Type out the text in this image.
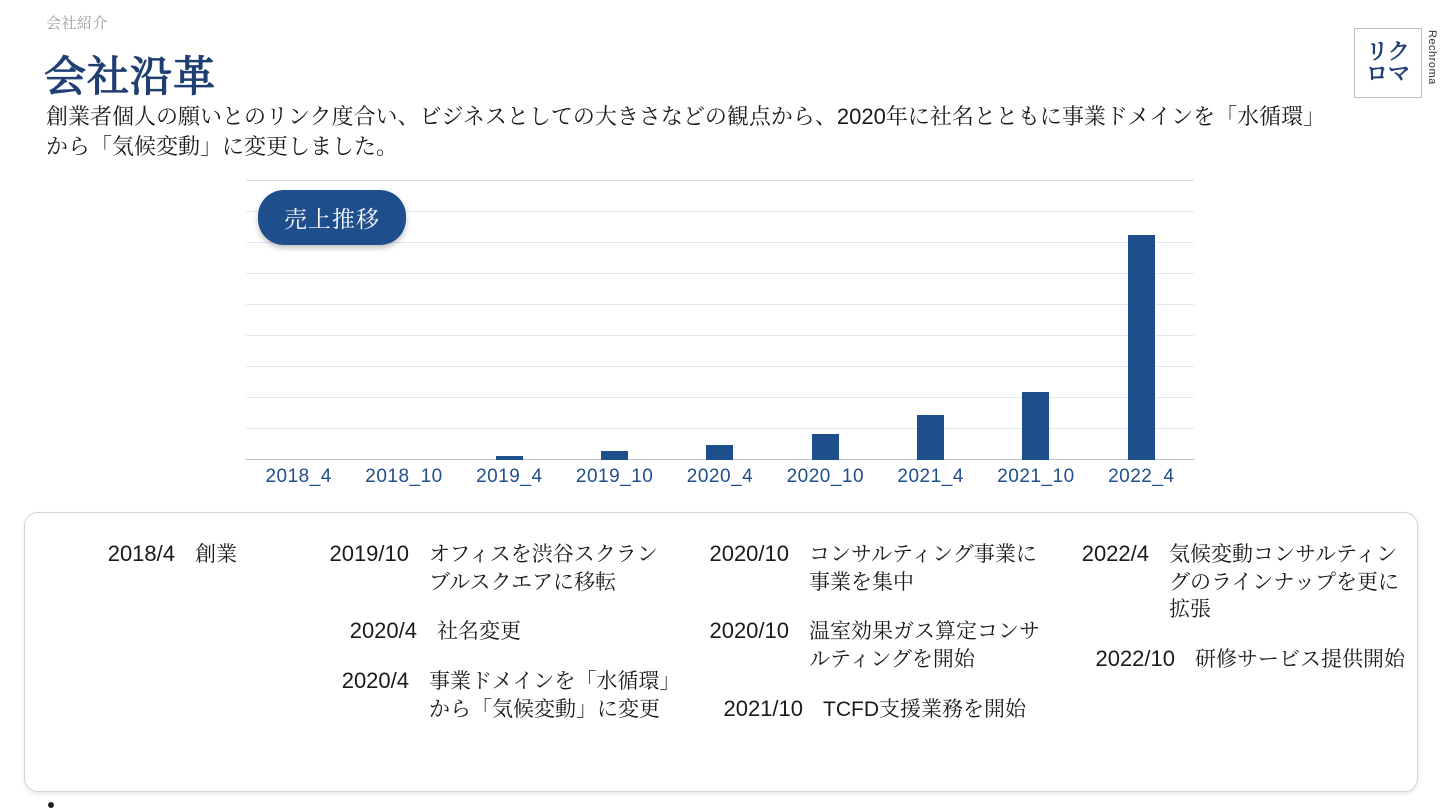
会社紹介
会社沿革
創業者個人の願いとのリンク度合い、ビジネスとしての大きさなどの観点から、2020年に社名とともに事業ドメインを「水循環」から「気候変動」に変更しました。
リク
ロマ Rechroma
売上推移
2018_4	2018_10	2019_4	2019_10	2020_4	2020_10	2021_4	2021_10	2022_4
2018/4 創業	2019/10 オフィスを渋谷スクランブルスクエアに移転
2020/4 社名変更
2020/4 事業ドメインを「水循環」から「気候変動」に変更
2020/10 コンサルティング事業に事業を集中
2020/10 温室効果ガス算定コンサルティングを開始
2021/10 TCFD支援業務を開始
2022/4 気候変動コンサルティングのラインナップを更に拡張
2022/10 研修サービス提供開始
